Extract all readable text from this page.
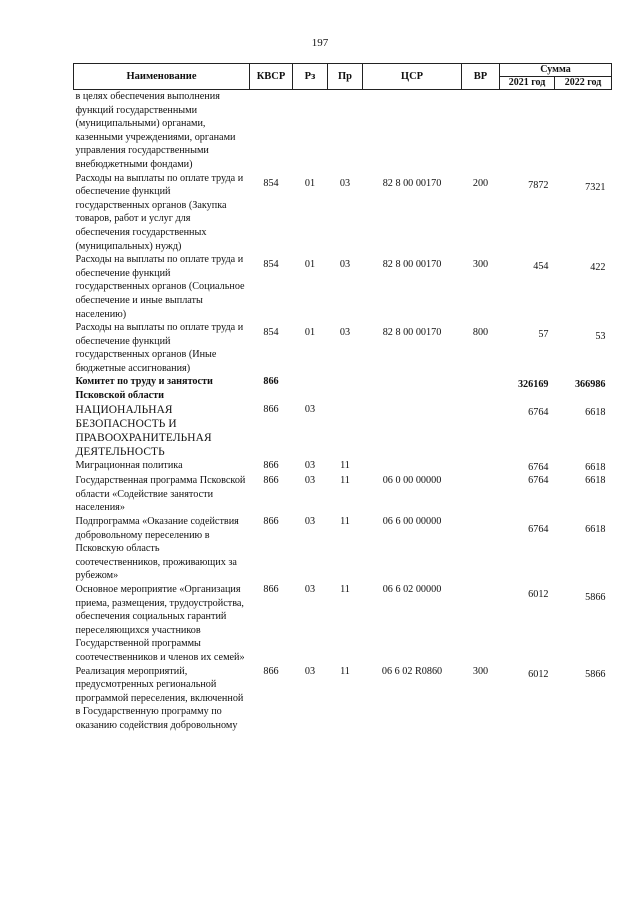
197
Наименование	КВСР	Рз	Пр	ЦСР	ВР	Сумма	
						2021 год	2022 год
в целях обеспечения выполнения функций государственными (муниципальными) органами, казенными учреждениями, органами управления государственными внебюджетными фондами)							
Расходы на выплаты по оплате труда и обеспечение функций государственных органов (Закупка товаров, работ и услуг для обеспечения государственных (муниципальных) нужд)	854	01	03	82 8 00 00170	200	7872	7321

Расходы на выплаты по оплате труда и обеспечение функций государственных органов (Социальное обеспечение и иные выплаты населению)	854	01	03	82 8 00 00170	300	454	422

Расходы на выплаты по оплате труда и обеспечение функций государственных органов (Иные бюджетные ассигнования)	854	01	03	82 8 00 00170	800	57	53

Комитет по труду и занятости Псковской области	866					326169	366986

НАЦИОНАЛЬНАЯ БЕЗОПАСНОСТЬ И ПРАВООХРАНИТЕЛЬНАЯ ДЕЯТЕЛЬНОСТЬ	866	03				6764	6618

Миграционная политика	866	03	11			6764	6618

Государственная программа Псковской области «Содействие занятости населения»	866	03	11	06 0 00 00000		6764	6618
Подпрограмма «Оказание содействия добровольному переселению в Псковскую область соотечественников, проживающих за рубежом»	866	03	11	06 6 00 00000		6764	6618

Основное мероприятие «Организация приема, размещения, трудоустройства, обеспечения социальных гарантий переселяющихся участников Государственной программы соотечественников и членов их семей»	866	03	11	06 6 02 00000		6012	5866

Реализация мероприятий, предусмотренных региональной программой переселения, включенной в Государственную программу по оказанию содействия добровольному	866	03	11	06 6 02 R0860	300	6012	5866
